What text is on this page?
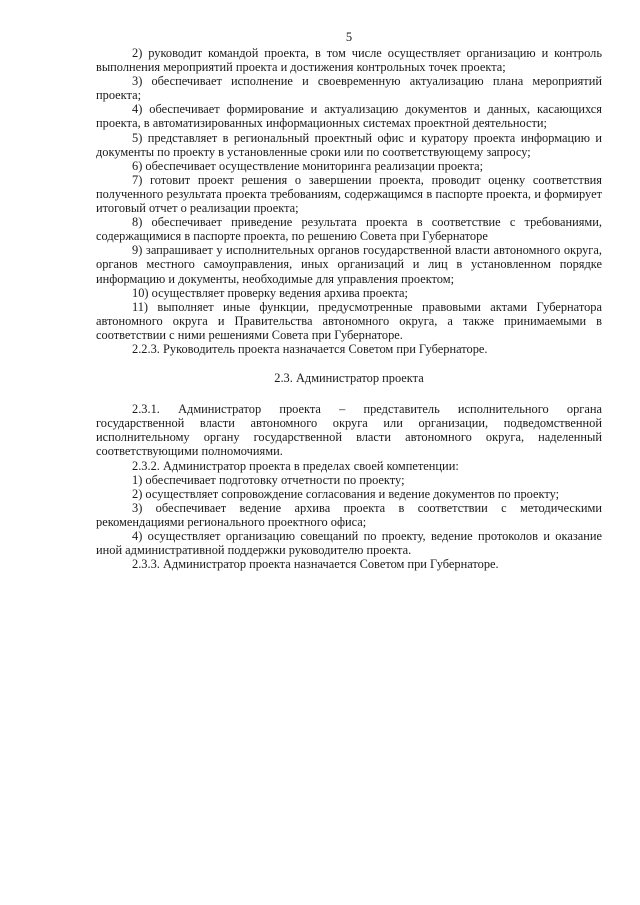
5

2) руководит командой проекта, в том числе осуществляет организацию и контроль выполнения мероприятий проекта и достижения контрольных точек проекта;

3) обеспечивает исполнение и своевременную актуализацию плана мероприятий проекта;

4) обеспечивает формирование и актуализацию документов и данных, касающихся проекта, в автоматизированных информационных системах проектной деятельности;

5) представляет в региональный проектный офис и куратору проекта информацию и документы по проекту в установленные сроки или по соответствующему запросу;

6) обеспечивает осуществление мониторинга реализации проекта;

7) готовит проект решения о завершении проекта, проводит оценку соответствия полученного результата проекта требованиям, содержащимся в паспорте проекта, и формирует итоговый отчет о реализации проекта;

8) обеспечивает приведение результата проекта в соответствие с требованиями, содержащимися в паспорте проекта, по решению Совета при Губернаторе

9) запрашивает у исполнительных органов государственной власти автономного округа, органов местного самоуправления, иных организаций и лиц в установленном порядке информацию и документы, необходимые для управления проектом;

10) осуществляет проверку ведения архива проекта;

11) выполняет иные функции, предусмотренные правовыми актами Губернатора автономного округа и Правительства автономного округа, а также принимаемыми в соответствии с ними решениями Совета при Губернаторе.

2.2.3. Руководитель проекта назначается Советом при Губернаторе.

2.3. Администратор проекта

2.3.1. Администратор проекта – представитель исполнительного органа государственной власти автономного округа или организации, подведомственной исполнительному органу государственной власти автономного округа, наделенный соответствующими полномочиями.

2.3.2. Администратор проекта в пределах своей компетенции:

1) обеспечивает подготовку отчетности по проекту;

2) осуществляет сопровождение согласования и ведение документов по проекту;

3) обеспечивает ведение архива проекта в соответствии с методическими рекомендациями регионального проектного офиса;

4) осуществляет организацию совещаний по проекту, ведение протоколов и оказание иной административной поддержки руководителю проекта.

2.3.3. Администратор проекта назначается Советом при Губернаторе.
